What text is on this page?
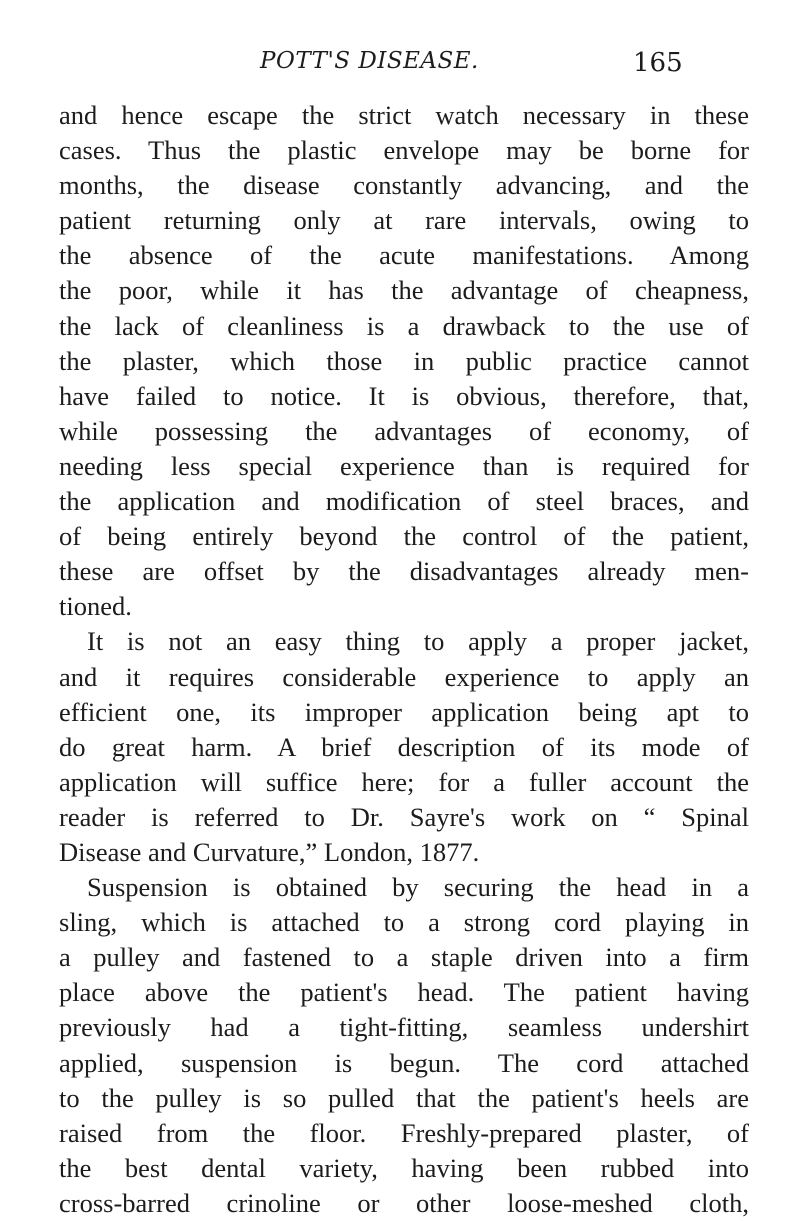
POTT'S DISEASE.	165
and hence escape the strict watch necessary in these
cases. Thus the plastic envelope may be borne for
months, the disease constantly advancing, and the
patient returning only at rare intervals, owing to
the absence of the acute manifestations. Among
the poor, while it has the advantage of cheapness,
the lack of cleanliness is a drawback to the use of
the plaster, which those in public practice cannot
have failed to notice. It is obvious, therefore, that,
while possessing the advantages of economy, of
needing less special experience than is required for
the application and modification of steel braces, and
of being entirely beyond the control of the patient,
these are offset by the disadvantages already men-
tioned.
It is not an easy thing to apply a proper jacket,
and it requires considerable experience to apply an
efficient one, its improper application being apt to
do great harm. A brief description of its mode of
application will suffice here; for a fuller account the
reader is referred to Dr. Sayre's work on “ Spinal
Disease and Curvature,” London, 1877.
Suspension is obtained by securing the head in a
sling, which is attached to a strong cord playing in
a pulley and fastened to a staple driven into a firm
place above the patient's head. The patient having
previously had a tight-fitting, seamless undershirt
applied, suspension is begun. The cord attached
to the pulley is so pulled that the patient's heels are
raised from the floor. Freshly-prepared plaster, of
the best dental variety, having been rubbed into
cross-barred crinoline or other loose-meshed cloth,
